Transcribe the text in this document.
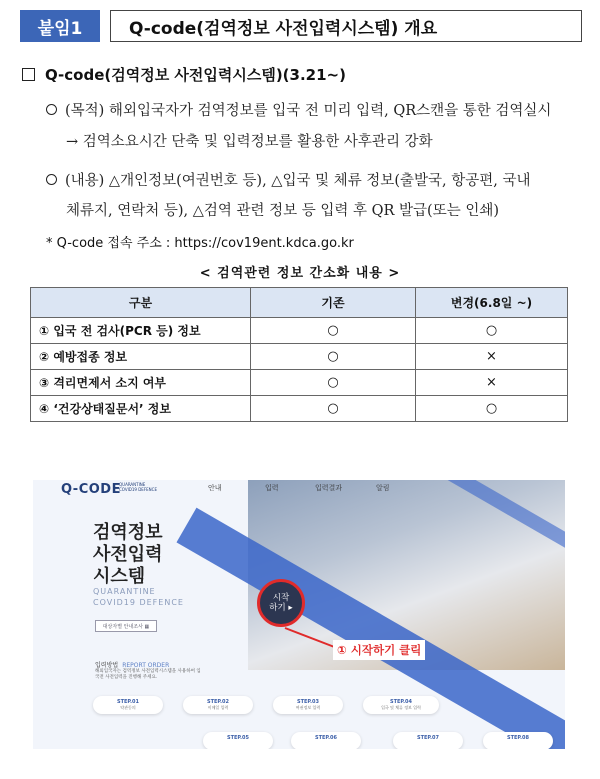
붙임1	Q-code(검역정보 사전입력시스템) 개요
Q-code(검역정보 사전입력시스템)(3.21~)
(목적) 해외입국자가 검역정보를 입국 전 미리 입력, QR스캔을 통한 검역실시
→ 검역소요시간 단축 및 입력정보를 활용한 사후관리 강화
(내용) △개인정보(여권번호 등), △입국 및 체류 정보(출발국, 항공편, 국내
체류지, 연락처 등), △검역 관련 정보 등 입력 후 QR 발급(또는 인쇄)
* Q-code 접속 주소 : https://cov19ent.kdca.go.kr
< 검역관련 정보 간소화 내용 >
구분	기존	변경(6.8일 ~)
① 입국 전 검사(PCR 등) 정보	○	○
② 예방접종 정보	○	×
③ 격리면제서 소지 여부	○	×
④ ‘건강상태질문서’ 정보	○	○
Q-CODE
QUARANTINE
COVID19 DEFENCE	안내	입력	입력결과	알림
검역정보
사전입력
시스템
QUARANTINE
COVID19 DEFENCE
대상자별 안내조사 ▦
시작
하기 ▸
① 시작하기 클릭
입력방법 REPORT ORDER
해외입국자는 검역정보 사전입력시스템을 사용하여 입
국전 사전입력을 진행해 주세요.
STEP.01
약관동의
STEP.02
이메일 입력
STEP.03
여권정보 입력
STEP.04
입국 및 체류 정보 입력
STEP.05	STEP.06	STEP.07	STEP.08
